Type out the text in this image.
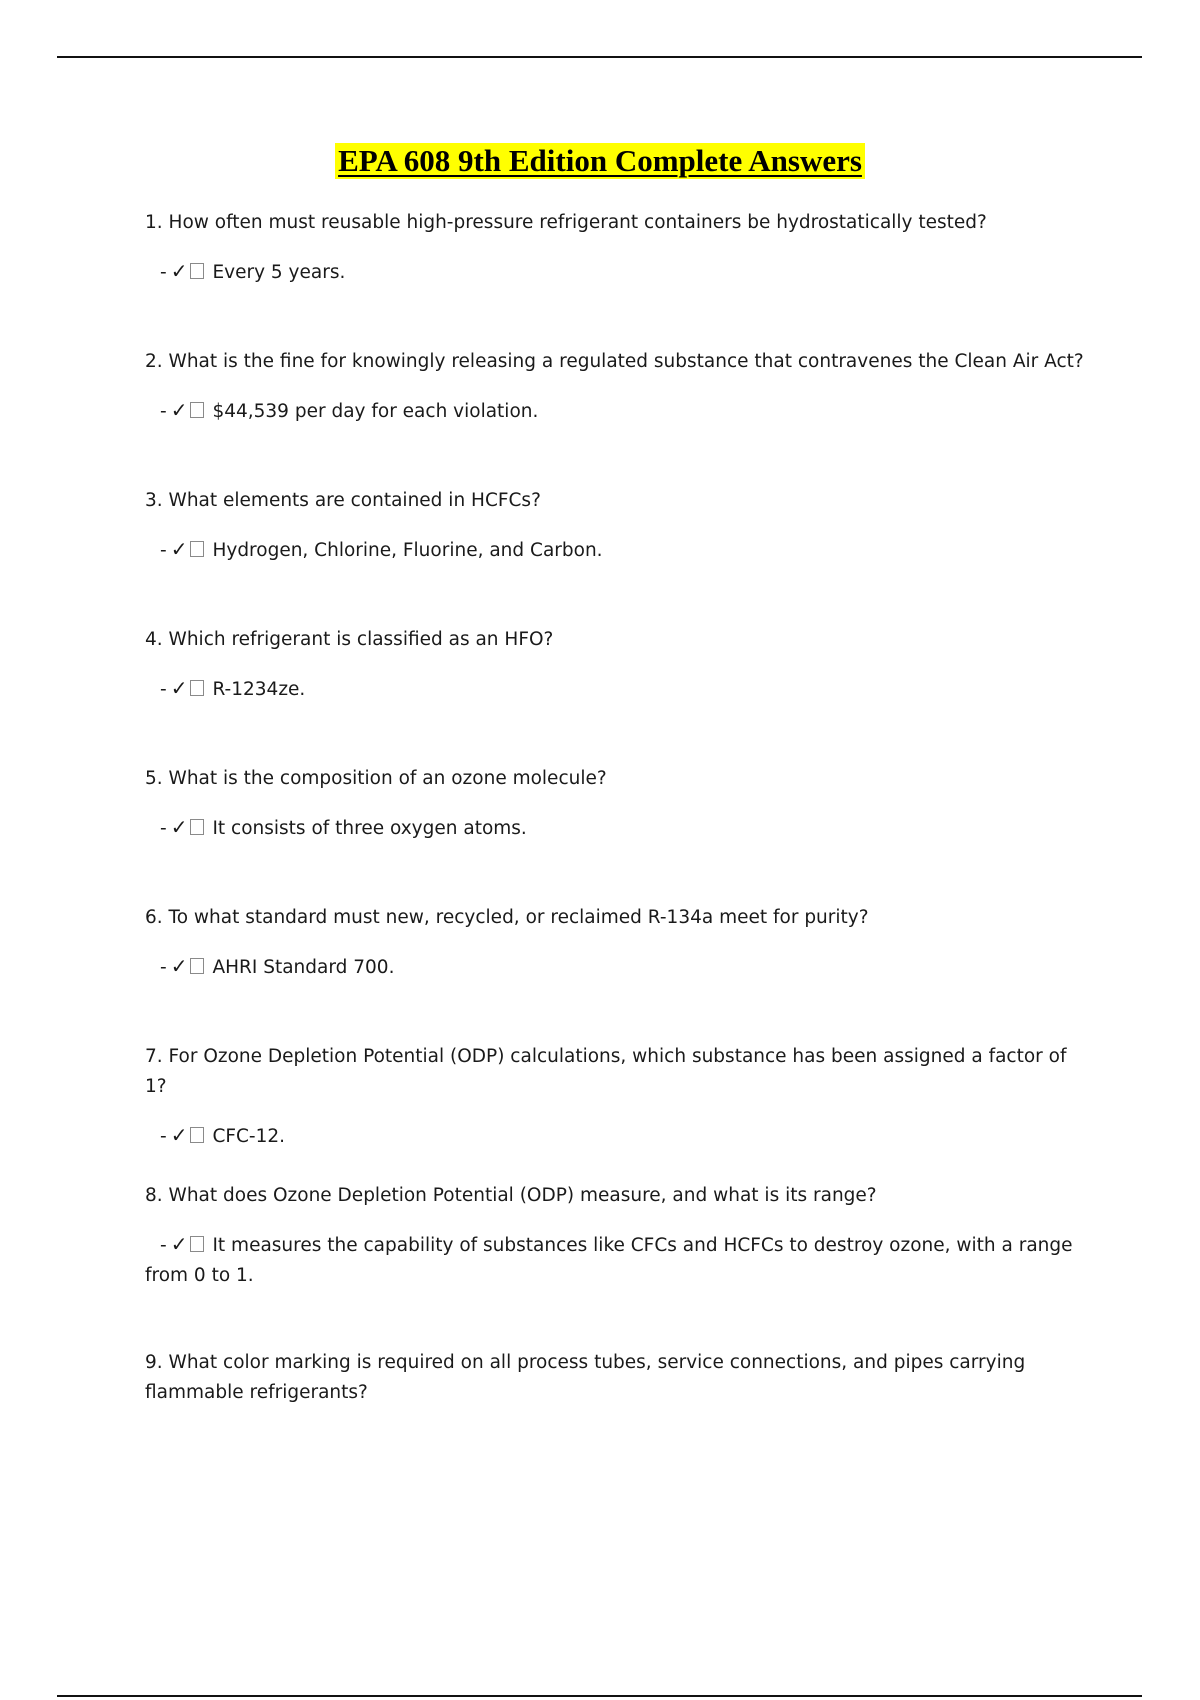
EPA 608 9th Edition Complete Answers

1. How often must reusable high-pressure refrigerant containers be hydrostatically tested?

- ✓ Every 5 years.

2. What is the fine for knowingly releasing a regulated substance that contravenes the Clean Air Act?

- ✓ $44,539 per day for each violation.

3. What elements are contained in HCFCs?

- ✓ Hydrogen, Chlorine, Fluorine, and Carbon.

4. Which refrigerant is classified as an HFO?

- ✓ R-1234ze.

5. What is the composition of an ozone molecule?

- ✓ It consists of three oxygen atoms.

6. To what standard must new, recycled, or reclaimed R-134a meet for purity?

- ✓ AHRI Standard 700.

7. For Ozone Depletion Potential (ODP) calculations, which substance has been assigned a factor of 1?

- ✓ CFC-12.

8. What does Ozone Depletion Potential (ODP) measure, and what is its range?

- ✓ It measures the capability of substances like CFCs and HCFCs to destroy ozone, with a range from 0 to 1.

9. What color marking is required on all process tubes, service connections, and pipes carrying flammable refrigerants?
